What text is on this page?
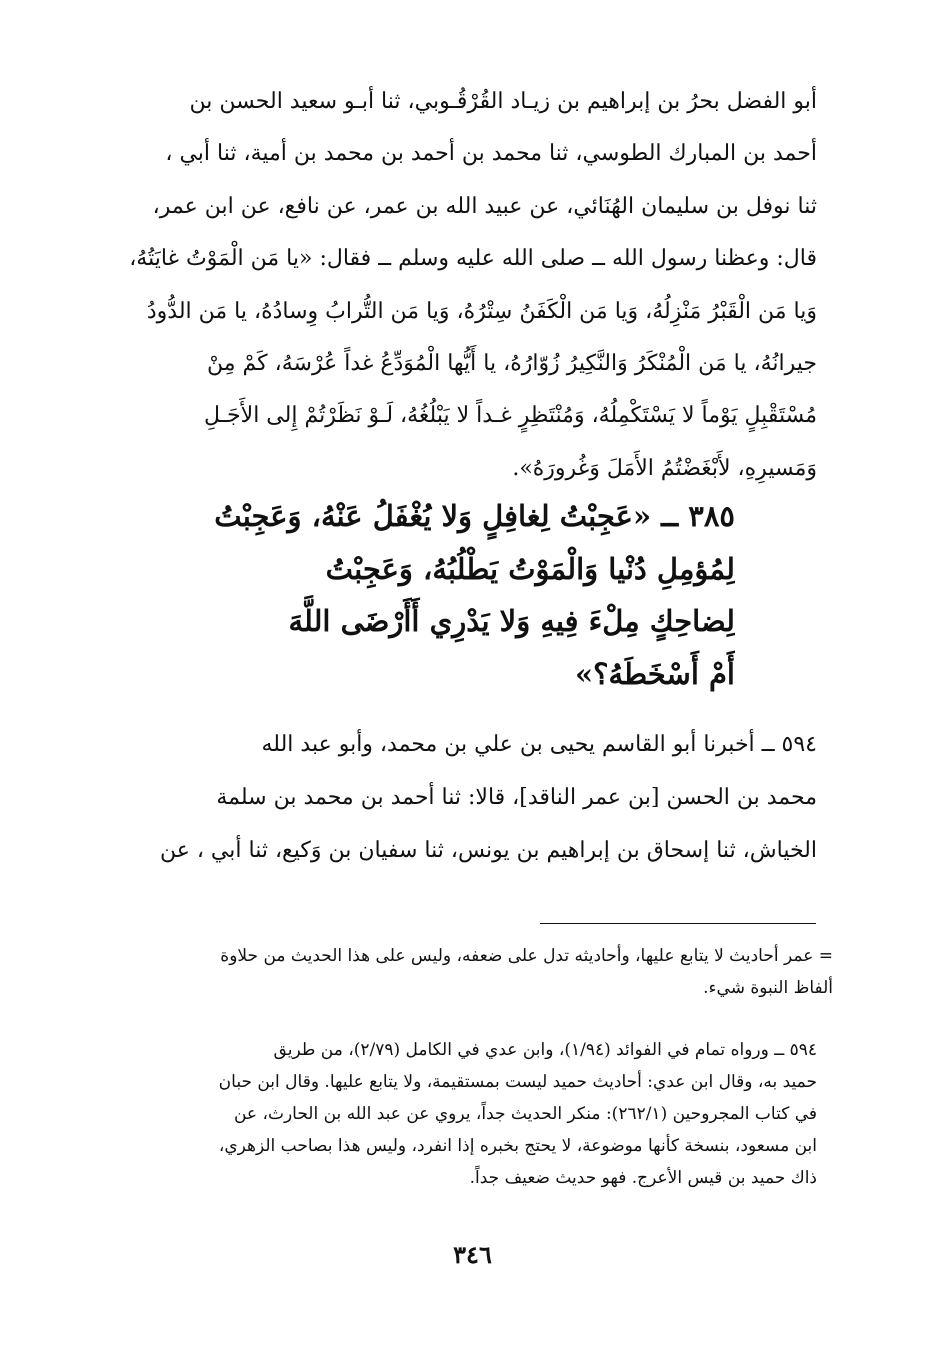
أبو الفضل بحرُ بن إبراهيم بن زيـاد القُرْقُـوبي، ثنا أبـو سعيد الحسن بن
أحمد بن المبارك الطوسي، ثنا محمد بن أحمد بن محمد بن أمية، ثنا أبي ،
ثنا نوفل بن سليمان الهُنَائي، عن عبيد الله بن عمر، عن نافع، عن ابن عمر،
قال: وعظنا رسول الله ــ صلى الله عليه وسلم ــ فقال: «يا مَن الْمَوْتُ غايَتُهُ،
وَيا مَن الْقَبْرُ مَنْزِلُهُ، وَيا مَن الْكَفَنُ سِتْرُهُ، وَيا مَن التُّرابُ وِسادُهُ، يا مَن الدُّودُ
جيرانُهُ، يا مَن الْمُنْكَرُ وَالنَّكِيرُ زُوّارُهُ، يا أَيُّها الْمُوَدِّعُ غداً عُرْسَهُ، كَمْ مِنْ
مُسْتَقْبِلٍ يَوْماً لا يَسْتَكْمِلُهُ، وَمُنْتَظِرٍ غـداً لا يَبْلُغُهُ، لَـوْ نَظَرْتُمْ إِلى الأَجَـلِ
وَمَسيرِهِ، لأَبْغَضْتُمُ الأَمَلَ وَغُرورَهُ».
٣٨٥ ــ «عَجِبْتُ لِغافِلٍ وَلا يُغْفَلُ عَنْهُ، وَعَجِبْتُ
لِمُؤمِلِ دُنْيا وَالْمَوْتُ يَطْلُبُهُ، وَعَجِبْتُ
لِضاحِكٍ مِلْءَ فِيهِ وَلا يَدْرِي أَأَرْضَى اللَّهَ
أَمْ أَسْخَطَهُ؟»
٥٩٤ ــ أخبرنا أبو القاسم يحيى بن علي بن محمد، وأبو عبد الله
محمد بن الحسن [بن عمر الناقد]، قالا: ثنا أحمد بن محمد بن سلمة
الخياش، ثنا إسحاق بن إبراهيم بن يونس، ثنا سفيان بن وَكيع، ثنا أبي ، عن
= عمر أحاديث لا يتابع عليها، وأحاديثه تدل على ضعفه، وليس على هذا الحديث من حلاوة
ألفاظ النبوة شيء.
٥٩٤ ــ ورواه تمام في الفوائد (١/٩٤)، وابن عدي في الكامل (٢/٧٩)، من طريق
حميد به، وقال ابن عدي: أحاديث حميد ليست بمستقيمة، ولا يتابع عليها. وقال ابن حبان
في كتاب المجروحين (٢٦٢/١): منكر الحديث جداً، يروي عن عبد الله بن الحارث، عن
ابن مسعود، بنسخة كأنها موضوعة، لا يحتج بخبره إذا انفرد، وليس هذا بصاحب الزهري،
ذاك حميد بن قيس الأعرج. فهو حديث ضعيف جداً.
٣٤٦
